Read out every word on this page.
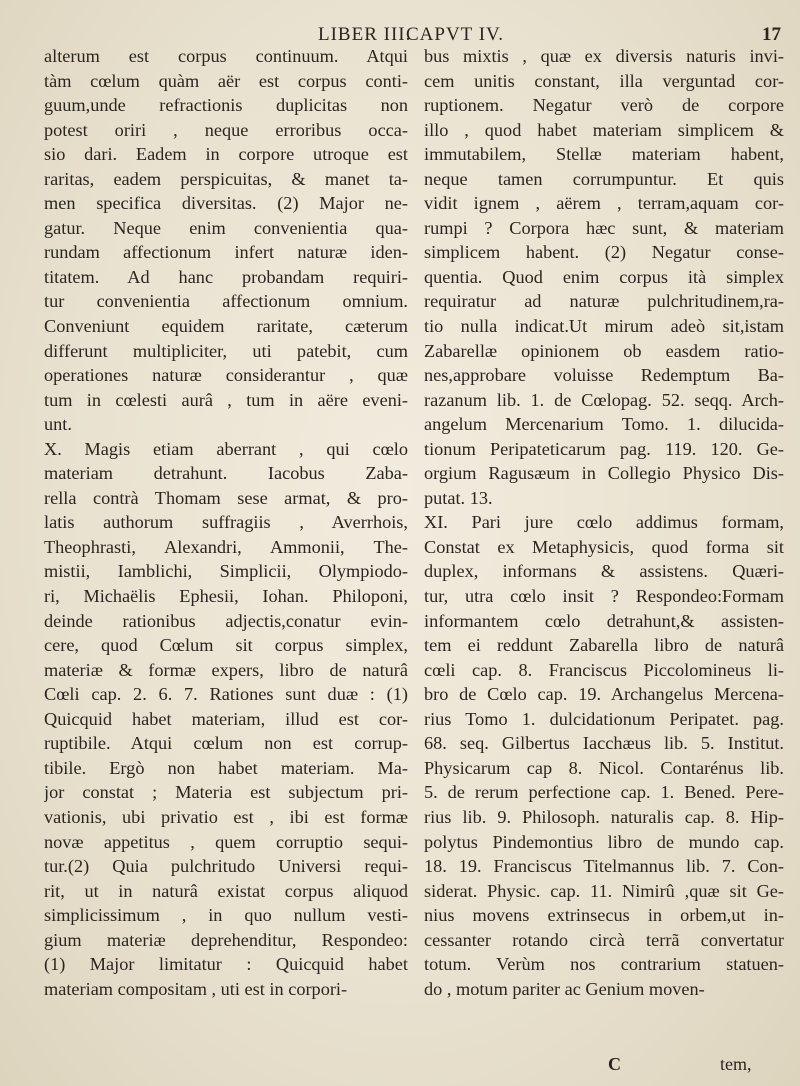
LIBER III.
CAPVT IV.	17
alterum est corpus continuum. Atqui
tàm cœlum quàm aër est corpus conti-
guum,unde refractionis duplicitas non
potest oriri , neque erroribus occa-
sio dari. Eadem in corpore utroque est
raritas, eadem perspicuitas, & manet ta-
men specifica diversitas. (2) Major ne-
gatur. Neque enim convenientia qua-
rundam affectionum infert naturæ iden-
titatem. Ad hanc probandam requiri-
tur convenientia affectionum omnium.
Conveniunt equidem raritate, cæterum
differunt multipliciter, uti patebit, cum
operationes naturæ considerantur , quæ
tum in cœlesti aurâ , tum in aëre eveni-
unt.
X. Magis etiam aberrant , qui cœlo
materiam detrahunt. Iacobus Zaba-
rella contrà Thomam sese armat, & pro-
latis authorum suffragiis , Averrhois,
Theophrasti, Alexandri, Ammonii, The-
mistii, Iamblichi, Simplicii, Olympiodo-
ri, Michaëlis Ephesii, Iohan. Philoponi,
deinde rationibus adjectis,conatur evin-
cere, quod Cœlum sit corpus simplex,
materiæ & formæ expers, libro de naturâ
Cœli cap. 2. 6. 7. Rationes sunt duæ : (1)
Quicquid habet materiam, illud est cor-
ruptibile. Atqui cœlum non est corrup-
tibile. Ergò non habet materiam. Ma-
jor constat ; Materia est subjectum pri-
vationis, ubi privatio est , ibi est formæ
novæ appetitus , quem corruptio sequi-
tur.(2) Quia pulchritudo Universi requi-
rit, ut in naturâ existat corpus aliquod
simplicissimum , in quo nullum vesti-
gium materiæ deprehenditur, Respondeo:
(1) Major limitatur : Quicquid habet
materiam compositam , uti est in corpori-
bus mixtis , quæ ex diversis naturis invi-
cem unitis constant, illa verguntad cor-
ruptionem. Negatur verò de corpore
illo , quod habet materiam simplicem &
immutabilem, Stellæ materiam habent,
neque tamen corrumpuntur. Et quis
vidit ignem , aërem , terram,aquam cor-
rumpi ? Corpora hæc sunt, & materiam
simplicem habent. (2) Negatur conse-
quentia. Quod enim corpus ità simplex
requiratur ad naturæ pulchritudinem,ra-
tio nulla indicat.Ut mirum adeò sit,istam
Zabarellæ opinionem ob easdem ratio-
nes,approbare voluisse Redemptum Ba-
razanum lib. 1. de Cœlopag. 52. seqq. Arch-
angelum Mercenarium Tomo. 1. dilucida-
tionum Peripateticarum pag. 119. 120. Ge-
orgium Ragusæum in Collegio Physico Dis-
putat. 13.
XI. Pari jure cœlo addimus formam,
Constat ex Metaphysicis, quod forma sit
duplex, informans & assistens. Quæri-
tur, utra cœlo insit ? Respondeo:Formam
informantem cœlo detrahunt,& assisten-
tem ei reddunt Zabarella libro de naturâ
cœli cap. 8. Franciscus Piccolomineus li-
bro de Cœlo cap. 19. Archangelus Mercena-
rius Tomo 1. dulcidationum Peripatet. pag.
68. seq. Gilbertus Iacchæus lib. 5. Institut.
Physicarum cap 8. Nicol. Contarénus lib.
5. de rerum perfectione cap. 1. Bened. Pere-
rius lib. 9. Philosoph. naturalis cap. 8. Hip-
polytus Pindemontius libro de mundo cap.
18. 19. Franciscus Titelmannus lib. 7. Con-
siderat. Physic. cap. 11. Nimirû ,quæ sit Ge-
nius movens extrinsecus in orbem,ut in-
cessanter rotando circà terrã convertatur
totum. Verùm nos contrarium statuen-
do , motum pariter ac Genium moven-
C	tem,
